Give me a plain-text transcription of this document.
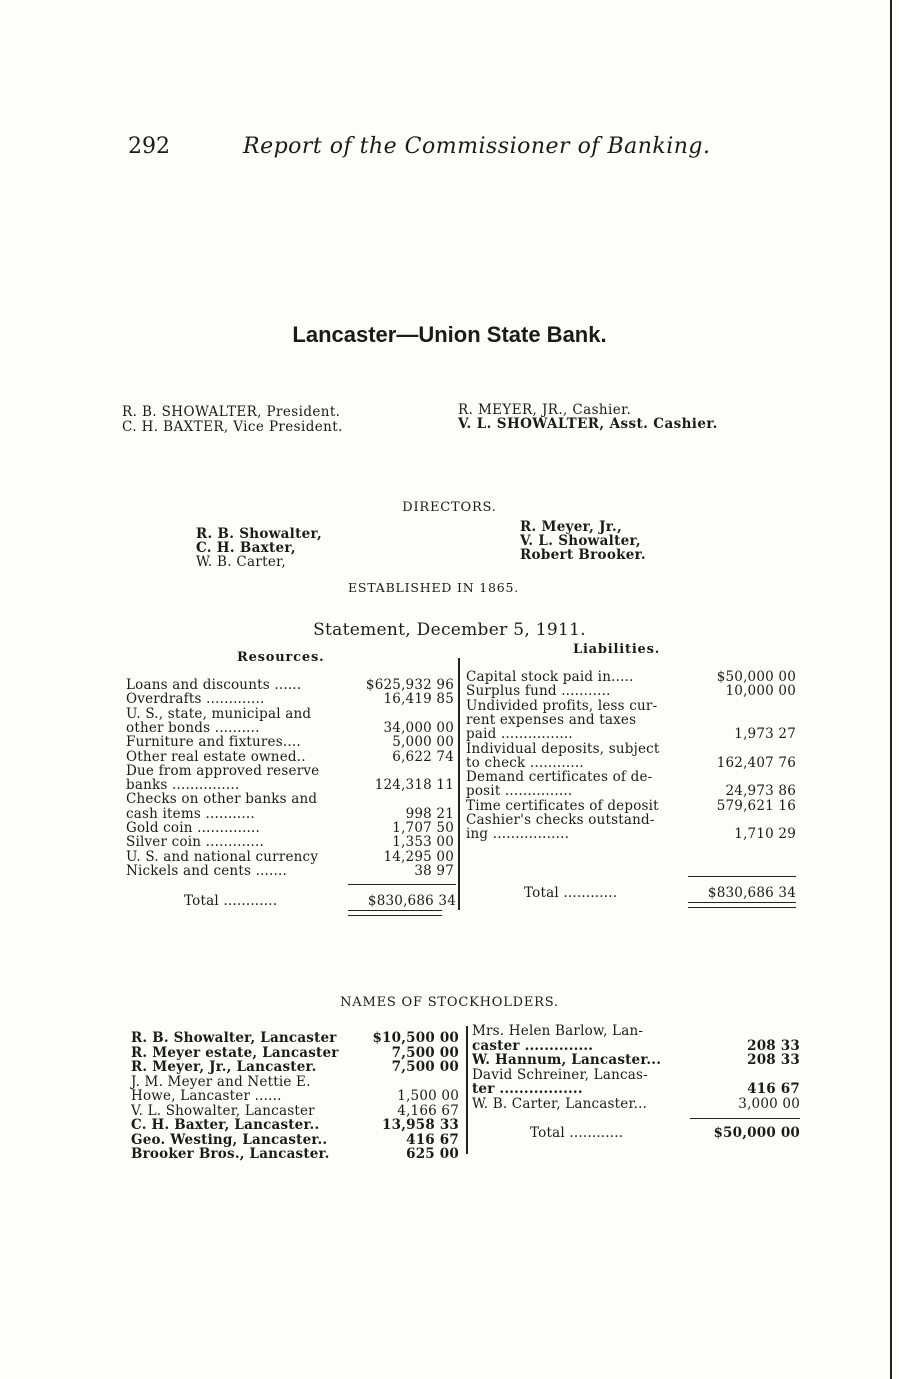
292	Report of the Commissioner of Banking.
Lancaster—Union State Bank.
R. B. SHOWALTER, President.
C. H. BAXTER, Vice President.
R. MEYER, JR., Cashier.
V. L. SHOWALTER, Asst. Cashier.
DIRECTORS.
R. B. Showalter,
C. H. Baxter,
W. B. Carter,
R. Meyer, Jr.,
V. L. Showalter,
Robert Brooker.
ESTABLISHED IN 1865.
Statement, December 5, 1911.
Resources.
Liabilities.
Loans and discounts ......	$625,932 96
Overdrafts .............	16,419 85
U. S., state, municipal and
other bonds ..........	34,000 00
Furniture and fixtures....	5,000 00
Other real estate owned..	6,622 74
Due from approved reserve
banks ...............	124,318 11
Checks on other banks and
cash items ...........	998 21
Gold coin ..............	1,707 50
Silver coin .............	1,353 00
U. S. and national currency	14,295 00
Nickels and cents .......	38 97
Capital stock paid in.....	$50,000 00
Surplus fund ...........	10,000 00
Undivided profits, less cur-
rent expenses and taxes
paid ................	1,973 27
Individual deposits, subject
to check ............	162,407 76
Demand certificates of de-
posit ...............	24,973 86
Time certificates of deposit	579,621 16
Cashier's checks outstand-
ing .................	1,710 29
Total ............	$830,686 34	Total ............	$830,686 34
NAMES OF STOCKHOLDERS.
R. B. Showalter, Lancaster	$10,500 00
R. Meyer estate, Lancaster	7,500 00
R. Meyer, Jr., Lancaster.	7,500 00
J. M. Meyer and Nettie E.
Howe, Lancaster ......	1,500 00
V. L. Showalter, Lancaster	4,166 67
C. H. Baxter, Lancaster..	13,958 33
Geo. Westing, Lancaster..	416 67
Brooker Bros., Lancaster.	625 00
Mrs. Helen Barlow, Lan-
caster ..............	208 33
W. Hannum, Lancaster...	208 33
David Schreiner, Lancas-
ter .................	416 67
W. B. Carter, Lancaster...	3,000 00
Total ............	$50,000 00
